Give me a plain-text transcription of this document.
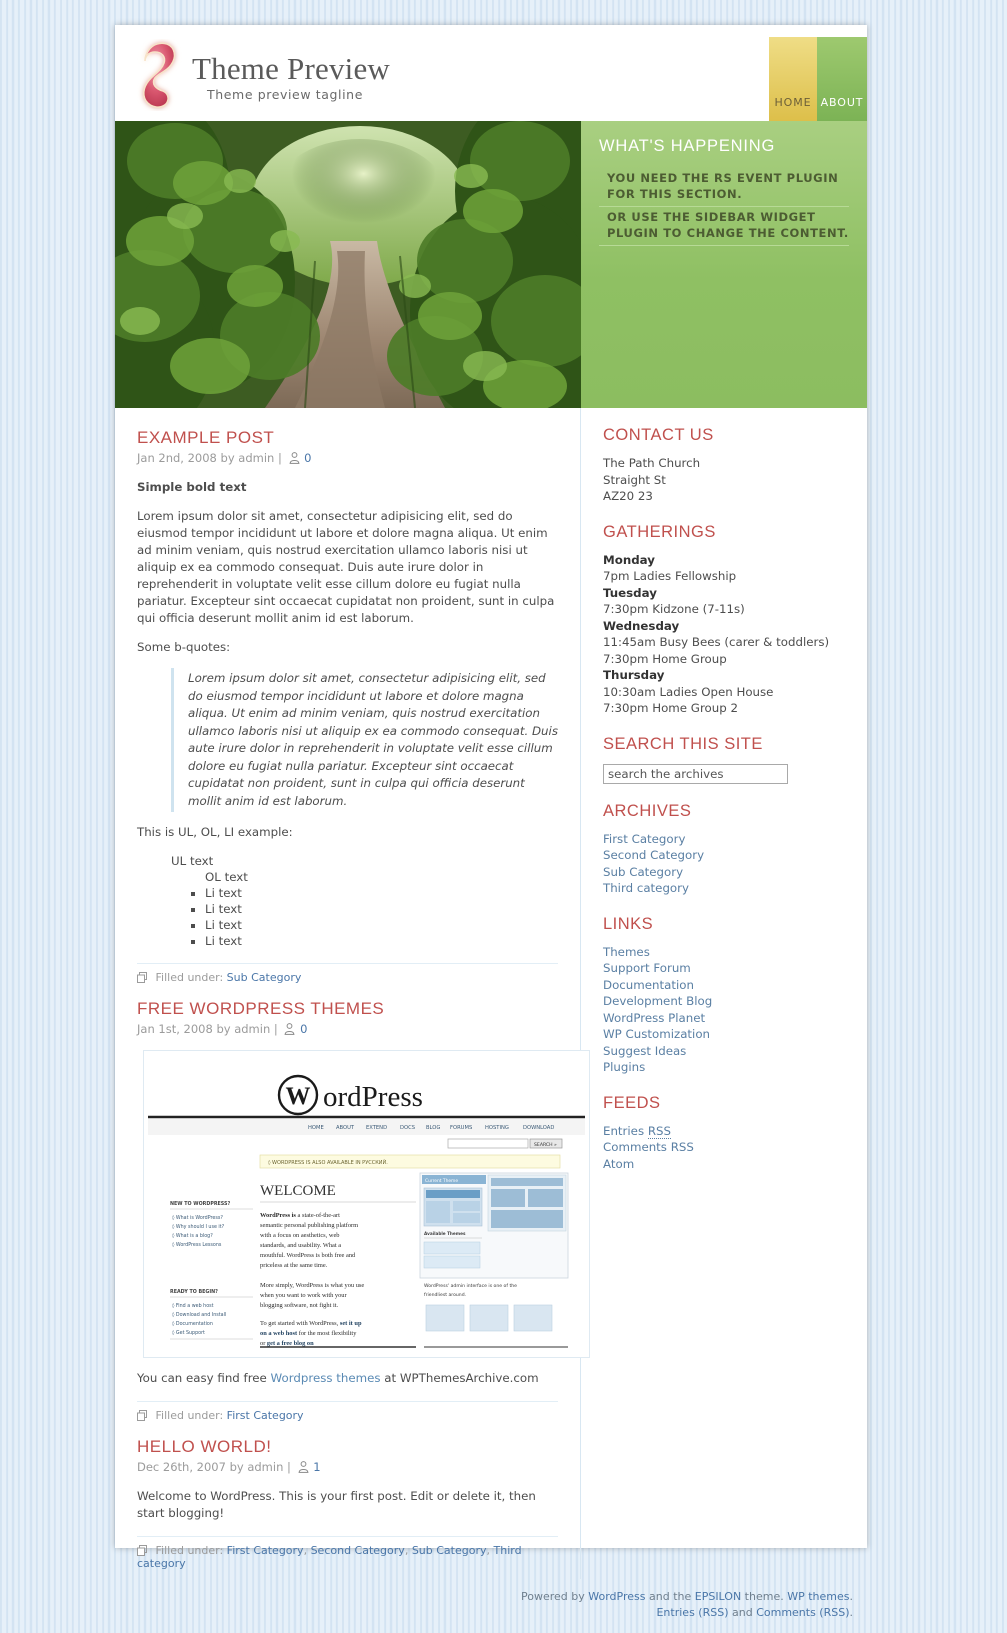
Theme Preview
Theme preview tagline
HOME ABOUT
WHAT'S HAPPENING
YOU NEED THE RS EVENT PLUGIN FOR THIS SECTION.
OR USE THE SIDEBAR WIDGET PLUGIN TO CHANGE THE CONTENT.
EXAMPLE POST
Jan 2nd, 2008 by admin | 0

Simple bold text

Lorem ipsum dolor sit amet, consectetur adipisicing elit, sed do eiusmod tempor incididunt ut labore et dolore magna aliqua. Ut enim ad minim veniam, quis nostrud exercitation ullamco laboris nisi ut aliquip ex ea commodo consequat. Duis aute irure dolor in reprehenderit in voluptate velit esse cillum dolore eu fugiat nulla pariatur. Excepteur sint occaecat cupidatat non proident, sunt in culpa qui officia deserunt mollit anim id est laborum.

Some b-quotes:

Lorem ipsum dolor sit amet, consectetur adipisicing elit, sed do eiusmod tempor incididunt ut labore et dolore magna aliqua. Ut enim ad minim veniam, quis nostrud exercitation ullamco laboris nisi ut aliquip ex ea commodo consequat. Duis aute irure dolor in reprehenderit in voluptate velit esse cillum dolore eu fugiat nulla pariatur. Excepteur sint occaecat cupidatat non proident, sunt in culpa qui officia deserunt mollit anim id est laborum.

This is UL, OL, LI example:

UL text
OL text
▪ Li text
▪ Li text
▪ Li text
▪ Li text
Filled under: Sub Category
FREE WORDPRESS THEMES
Jan 1st, 2008 by admin | 0
W ordPress
HOME ABOUT EXTEND DOCS BLOG FORUMS HOSTING	DOWNLOAD
SEARCH »
◊ WORDPRESS IS ALSO AVAILABLE IN РУССКИЙ.
WELCOME
NEW TO WORDPRESS?
◊ What is WordPress?
◊ Why should I use it?
◊ What is a blog?
◊ WordPress Lessons
READY TO BEGIN?
◊ Find a web host
◊ Download and Install
◊ Documentation
◊ Get Support
WordPress is a state-of-the-art
semantic personal publishing platform
with a focus on aesthetics, web
standards, and usability. What a
mouthful. WordPress is both free and
priceless at the same time.
More simply, WordPress is what you use
when you want to work with your
blogging software, not fight it.
To get started with WordPress, set it up
on a web host for the most flexibility
or get a free blog on
Current Theme
Available Themes
WordPress' admin interface is one of the
friendliest around.

You can easy find free Wordpress themes at WPThemesArchive.com

Filled under: First Category
HELLO WORLD!
Dec 26th, 2007 by admin | 1

Welcome to WordPress. This is your first post. Edit or delete it, then start blogging!

Filled under: First Category, Second Category, Sub Category, Third category
CONTACT US
The Path Church
Straight St
AZ20 23
GATHERINGS
Monday
7pm Ladies Fellowship
Tuesday
7:30pm Kidzone (7-11s)
Wednesday
11:45am Busy Bees (carer & toddlers)
7:30pm Home Group
Thursday
10:30am Ladies Open House
7:30pm Home Group 2
SEARCH THIS SITE
search the archives
ARCHIVES
First Category
Second Category
Sub Category
Third category
LINKS
Themes
Support Forum
Documentation
Development Blog
WordPress Planet
WP Customization
Suggest Ideas
Plugins
FEEDS
Entries RSS
Comments RSS
Atom
Powered by WordPress and the EPSILON theme. WP themes.
Entries (RSS) and Comments (RSS).
